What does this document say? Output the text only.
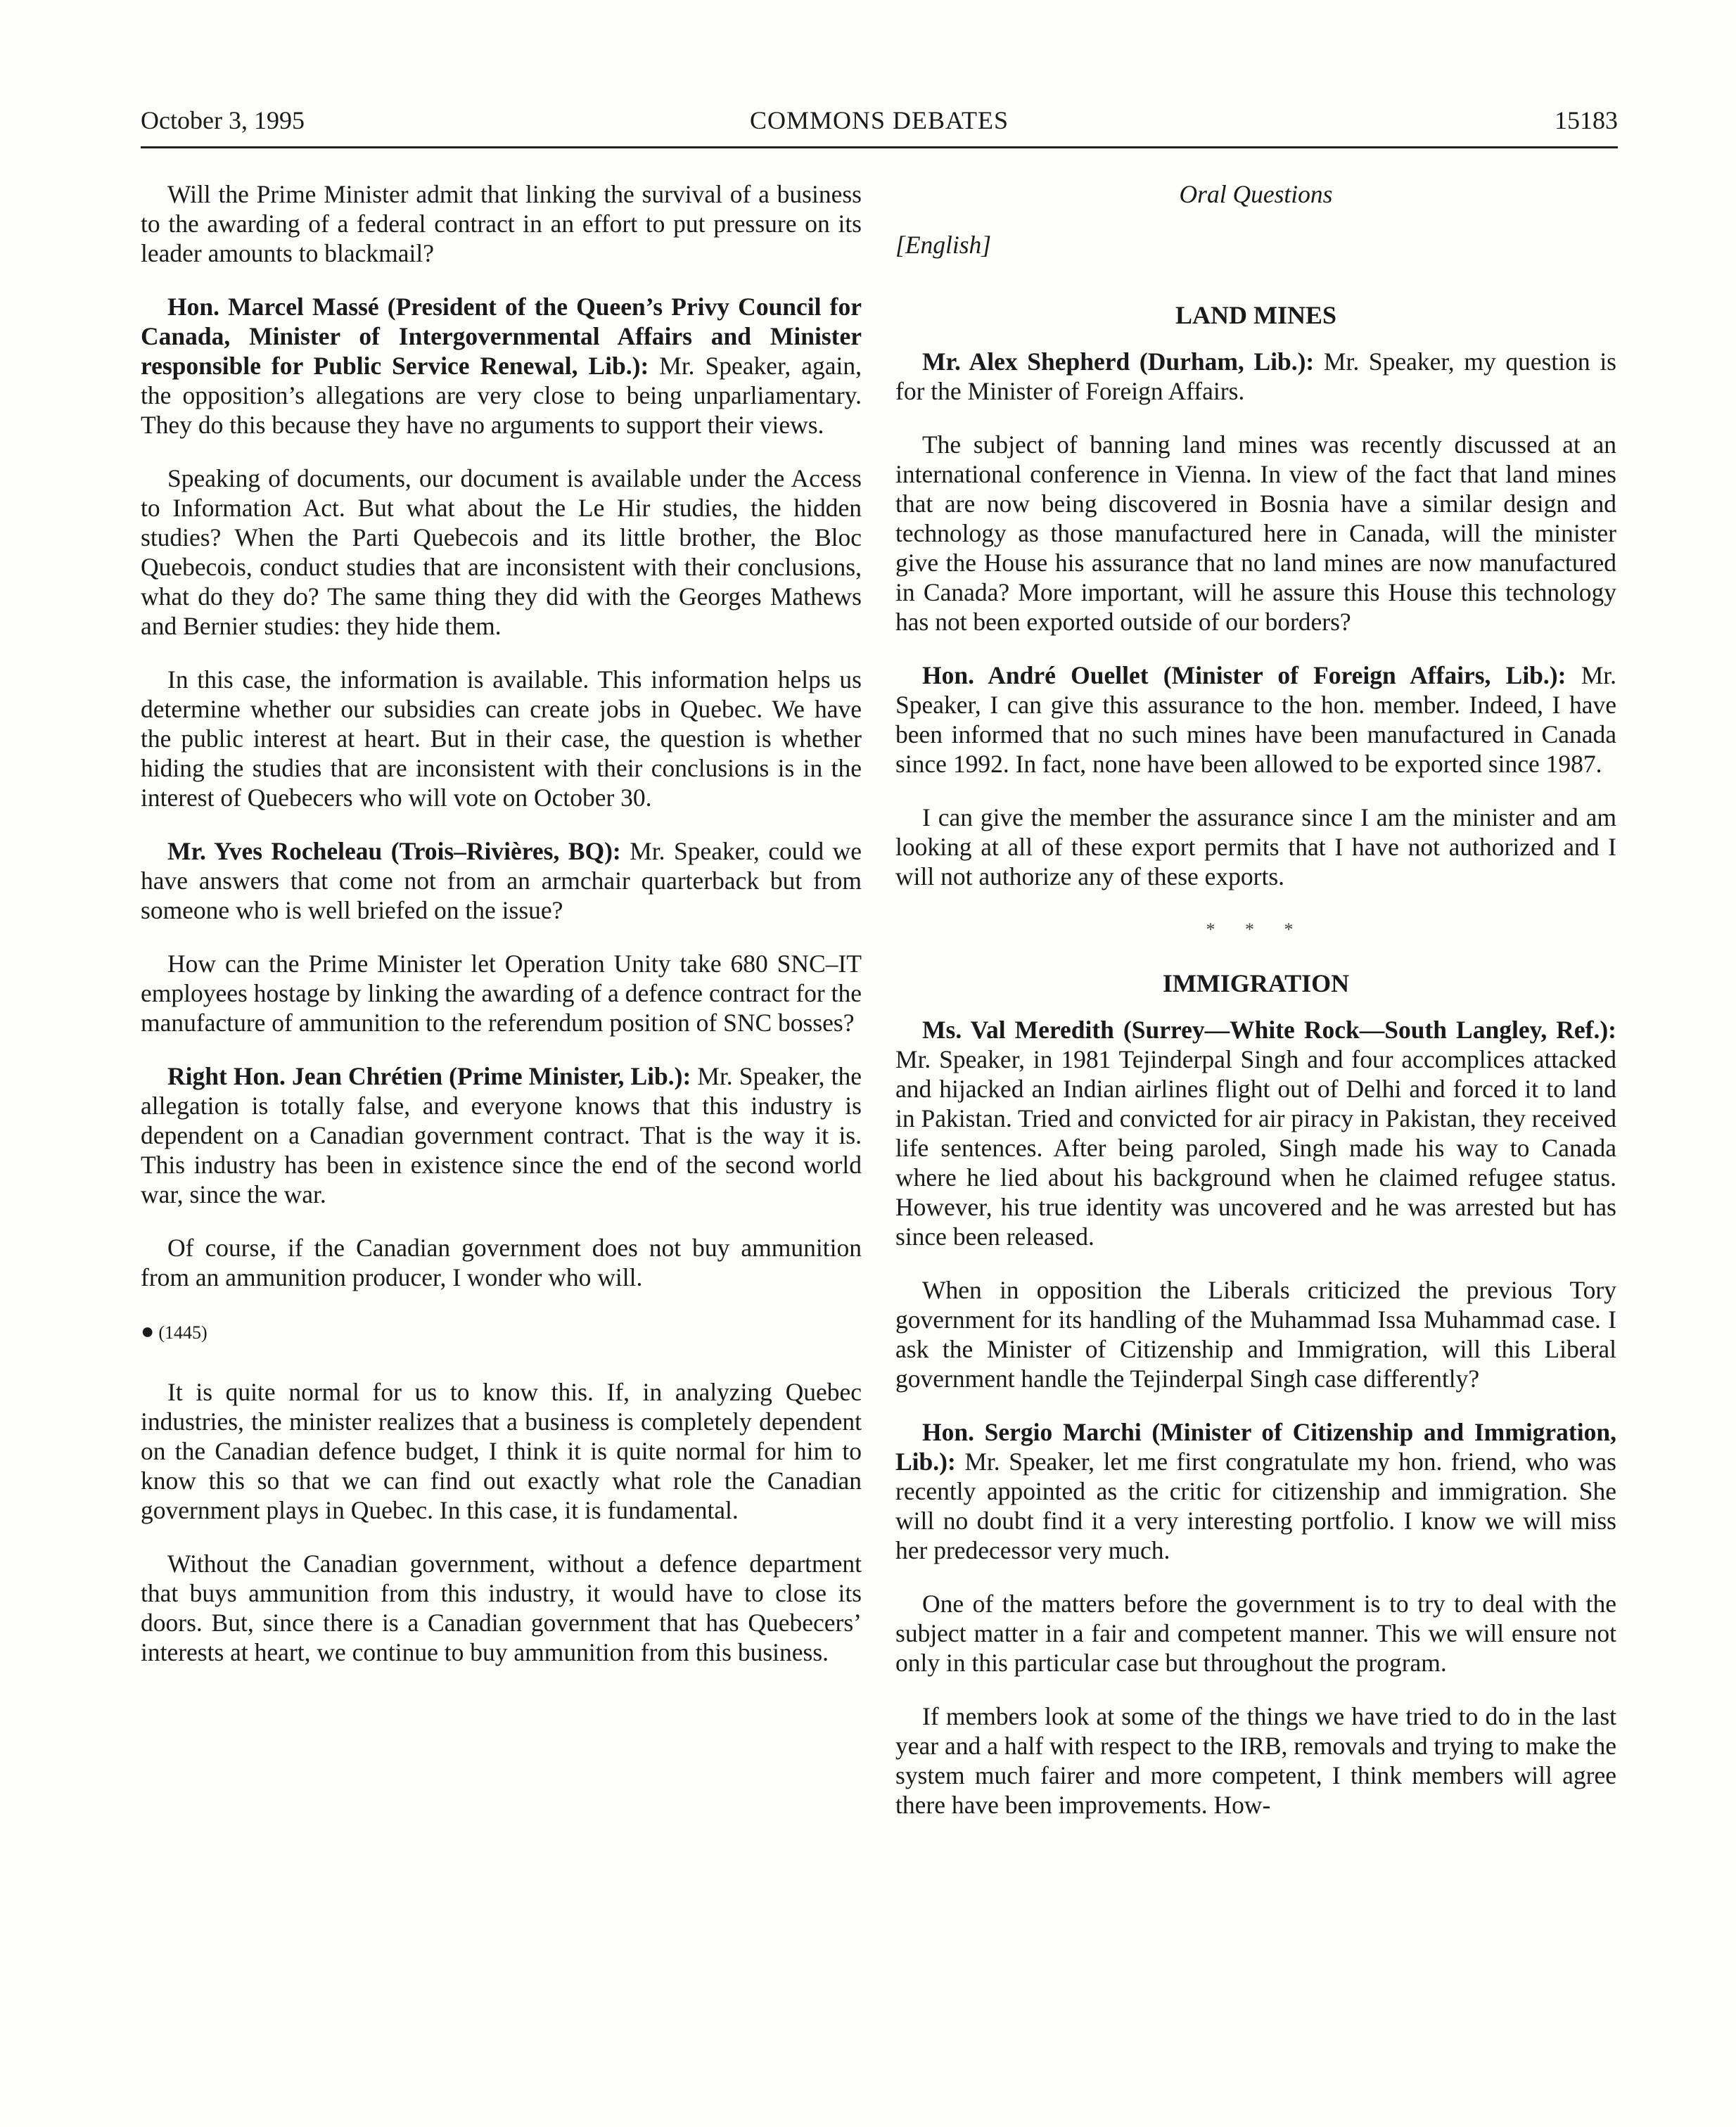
October 3, 1995	COMMONS DEBATES	15183

Will the Prime Minister admit that linking the survival of a business to the awarding of a federal contract in an effort to put pressure on its leader amounts to blackmail?

Hon. Marcel Massé (President of the Queen’s Privy Council for Canada, Minister of Intergovernmental Affairs and Minister responsible for Public Service Renewal, Lib.): Mr. Speaker, again, the opposition’s allegations are very close to being unparliamentary. They do this because they have no arguments to support their views.

Speaking of documents, our document is available under the Access to Information Act. But what about the Le Hir studies, the hidden studies? When the Parti Quebecois and its little brother, the Bloc Quebecois, conduct studies that are inconsistent with their conclusions, what do they do? The same thing they did with the Georges Mathews and Bernier studies: they hide them.

In this case, the information is available. This information helps us determine whether our subsidies can create jobs in Quebec. We have the public interest at heart. But in their case, the question is whether hiding the studies that are inconsistent with their conclusions is in the interest of Quebecers who will vote on October 30.

Mr. Yves Rocheleau (Trois–Rivières, BQ): Mr. Speaker, could we have answers that come not from an armchair quarterback but from someone who is well briefed on the issue?

How can the Prime Minister let Operation Unity take 680 SNC–IT employees hostage by linking the awarding of a defence contract for the manufacture of ammunition to the referendum position of SNC bosses?

Right Hon. Jean Chrétien (Prime Minister, Lib.): Mr. Speaker, the allegation is totally false, and everyone knows that this industry is dependent on a Canadian government contract. That is the way it is. This industry has been in existence since the end of the second world war, since the war.

Of course, if the Canadian government does not buy ammunition from an ammunition producer, I wonder who will.

● (1445)

It is quite normal for us to know this. If, in analyzing Quebec industries, the minister realizes that a business is completely dependent on the Canadian defence budget, I think it is quite normal for him to know this so that we can find out exactly what role the Canadian government plays in Quebec. In this case, it is fundamental.

Without the Canadian government, without a defence department that buys ammunition from this industry, it would have to close its doors. But, since there is a Canadian government that has Quebecers’ interests at heart, we continue to buy ammunition from this business.

Oral Questions
[English]
LAND MINES

Mr. Alex Shepherd (Durham, Lib.): Mr. Speaker, my question is for the Minister of Foreign Affairs.

The subject of banning land mines was recently discussed at an international conference in Vienna. In view of the fact that land mines that are now being discovered in Bosnia have a similar design and technology as those manufactured here in Canada, will the minister give the House his assurance that no land mines are now manufactured in Canada? More important, will he assure this House this technology has not been exported outside of our borders?

Hon. André Ouellet (Minister of Foreign Affairs, Lib.): Mr. Speaker, I can give this assurance to the hon. member. Indeed, I have been informed that no such mines have been manufactured in Canada since 1992. In fact, none have been allowed to be exported since 1987.

I can give the member the assurance since I am the minister and am looking at all of these export permits that I have not authorized and I will not authorize any of these exports.

* * *
IMMIGRATION

Ms. Val Meredith (Surrey—White Rock—South Langley, Ref.): Mr. Speaker, in 1981 Tejinderpal Singh and four accomplices attacked and hijacked an Indian airlines flight out of Delhi and forced it to land in Pakistan. Tried and convicted for air piracy in Pakistan, they received life sentences. After being paroled, Singh made his way to Canada where he lied about his background when he claimed refugee status. However, his true identity was uncovered and he was arrested but has since been released.

When in opposition the Liberals criticized the previous Tory government for its handling of the Muhammad Issa Muhammad case. I ask the Minister of Citizenship and Immigration, will this Liberal government handle the Tejinderpal Singh case differently?

Hon. Sergio Marchi (Minister of Citizenship and Immigration, Lib.): Mr. Speaker, let me first congratulate my hon. friend, who was recently appointed as the critic for citizenship and immigration. She will no doubt find it a very interesting portfolio. I know we will miss her predecessor very much.

One of the matters before the government is to try to deal with the subject matter in a fair and competent manner. This we will ensure not only in this particular case but throughout the program.

If members look at some of the things we have tried to do in the last year and a half with respect to the IRB, removals and trying to make the system much fairer and more competent, I think members will agree there have been improvements. How-
